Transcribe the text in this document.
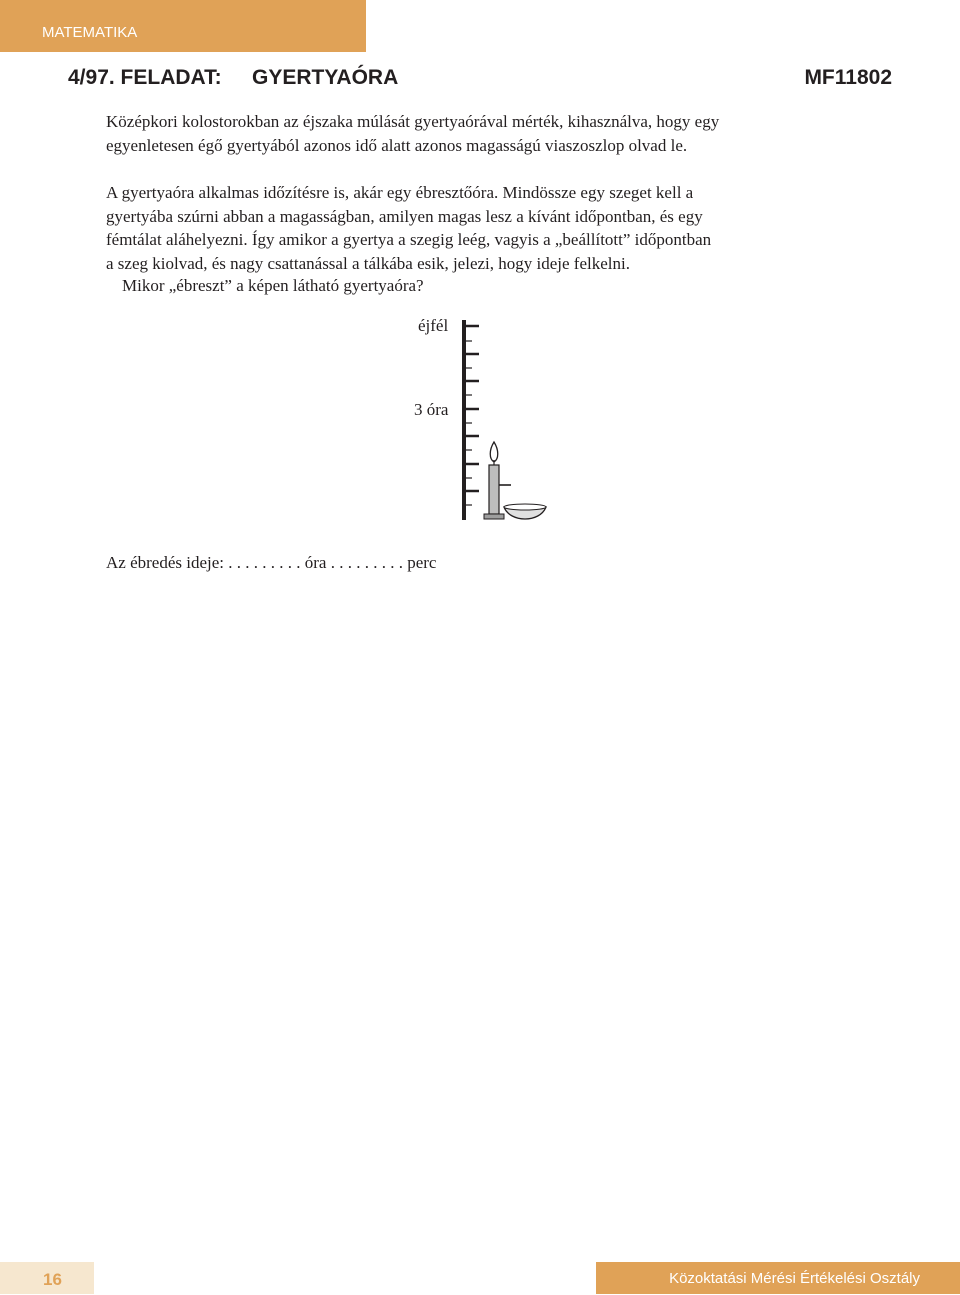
MATEMATIKA
4/97. FELADAT: GYERTYAÓRA	MF11802
Középkori kolostorokban az éjszaka múlását gyertyaórával mérték, kihasználva, hogy egy
egyenletesen égő gyertyából azonos idő alatt azonos magasságú viaszoszlop olvad le.
A gyertyaóra alkalmas időzítésre is, akár egy ébresztőóra. Mindössze egy szeget kell a
gyertyába szúrni abban a magasságban, amilyen magas lesz a kívánt időpontban, és egy
fémtálat aláhelyezni. Így amikor a gyertya a szegig leég, vagyis a „beállított” időpontban
a szeg kiolvad, és nagy csattanással a tálkába esik, jelezi, hogy ideje felkelni.
Mikor „ébreszt” a képen látható gyertyaóra?
éjfél
3 óra
Az ébredés ideje: . . . . . . . . . óra . . . . . . . . . perc
16	Közoktatási Mérési Értékelési Osztály
